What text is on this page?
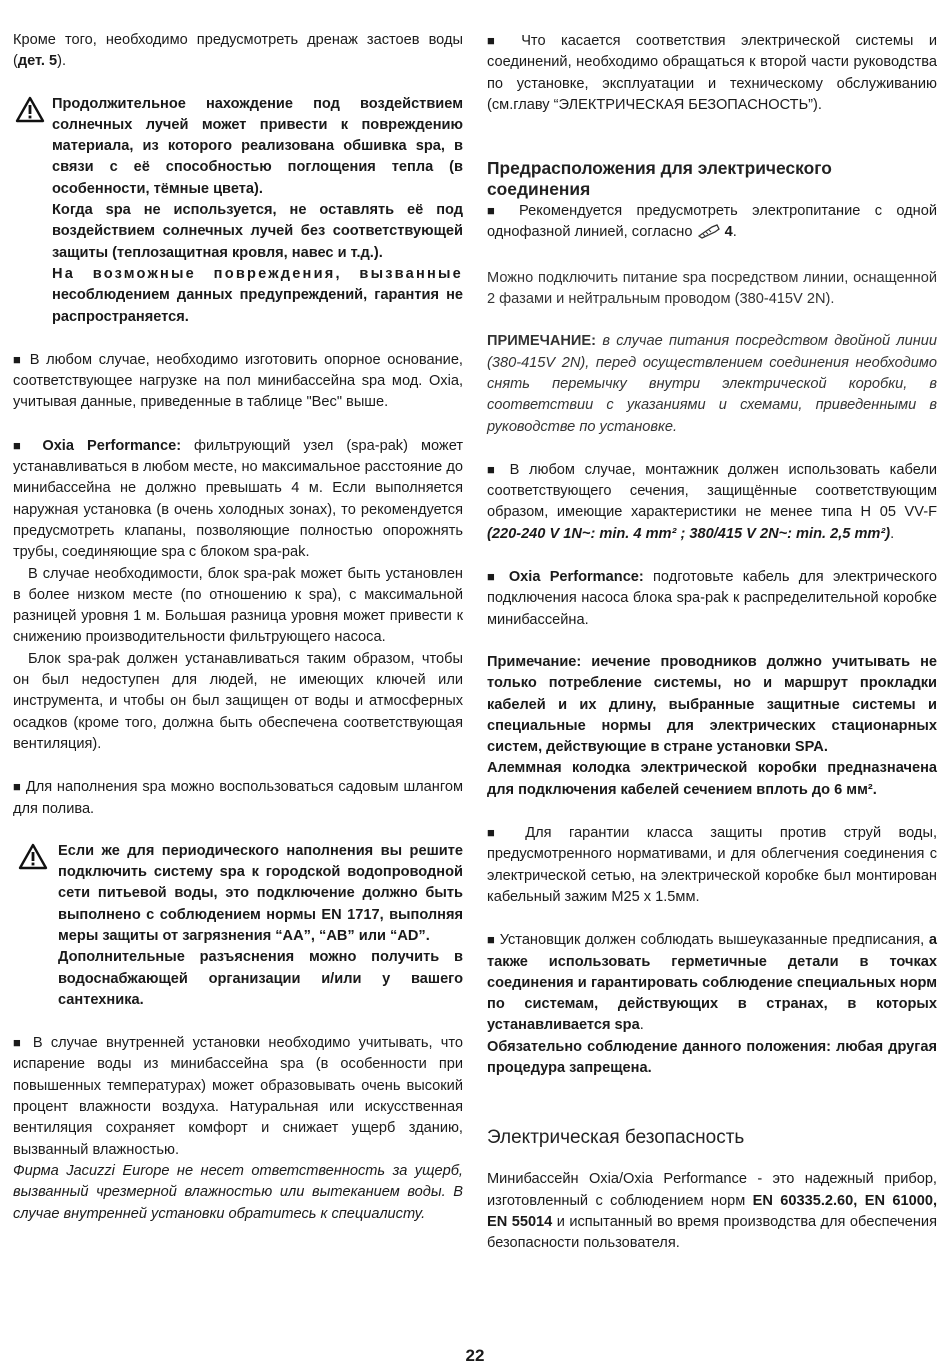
Кроме того, необходимо предусмотреть дренаж застоев воды (дет. 5).

Продолжительное нахождение под воздействием солнечных лучей может привести к повреждению материала, из которого реализована обшивка spa, в связи с её способностью поглощения тепла (в особенности, тёмные цвета).

Когда spa не используется, не оставлять её под воздействием солнечных лучей без соответствующей защиты (теплозащитная кровля, навес и т.д.).

На возможные повреждения, вызванные

несоблюдением данных предупреждений, гарантия не распространяется.

■ В любом случае, необходимо изготовить опорное основание, соответствующее нагрузке на пол минибассейна spa мод. Oxia, учитывая данные, приведенные в таблице "Вес" выше.

■ Oxia Performance: фильтрующий узел (spa-pak) может устанавливаться в любом месте, но максимальное расстояние до минибассейна не должно превышать 4 м. Если выполняется наружная установка (в очень холодных зонах), то рекомендуется предусмотреть клапаны, позволяющие полностью опорожнять трубы, соединяющие spa с блоком spa-pak.

В случае необходимости, блок spa-pak может быть установлен в более низком месте (по отношению к spa), с максимальной разницей уровня 1 м. Большая разница уровня может привести к снижению производительности фильтрующего насоса.

Блок spa-pak должен устанавливаться таким образом, чтобы он был недоступен для людей, не имеющих ключей или инструмента, и чтобы он был защищен от воды и атмосферных осадков (кроме того, должна быть обеспечена соответствующая вентиляция).

■ Для наполнения spa можно воспользоваться садовым шлангом для полива.

Если же для периодического наполнения вы решите подключить систему spa к городской водопроводной сети питьевой воды, это подключение должно быть выполнено с соблюдением нормы EN 1717, выполняя меры защиты от загрязнения “AA”, “AB” или “AD”.

Дополнительные разъяснения можно получить в водоснабжающей организации и/или у вашего сантехника.

■ В случае внутренней установки необходимо учитывать, что испарение воды из минибассейна spa (в особенности при повышенных температурах) может образовывать очень высокий процент влажности воздуха. Натуральная или искусственная вентиляция сохраняет комфорт и снижает ущерб зданию, вызванный влажностью.

Фирма Jacuzzi Europe не несет ответственность за ущерб, вызванный чрезмерной влажностью или вытеканием воды. В случае внутренней установки обратитесь к специалисту.

■ Что касается соответствия электрической системы и соединений, необходимо обращаться к второй части руководства по установке, эксплуатации и техническому обслуживанию (см.главу “ЭЛЕКТРИЧЕСКАЯ БЕЗОПАСНОСТЬ”).

Предрасположения для электрического соединения

■ Рекомендуется предусмотреть электропитание с одной однофазной линией, согласно  4.

Можно подключить питание spa посредством линии, оснащенной 2 фазами и нейтральным проводом (380-415V 2N).

ПРИМЕЧАНИЕ: в случае питания посредством двойной линии (380-415V 2N), перед осуществлением соединения необходимо снять перемычку внутри электрической коробки, в соответствии с указаниями и схемами, приведенными в руководстве по установке.

■ В любом случае, монтажник должен использовать кабели соответствующего сечения, защищённые соответствующим образом, имеющие характеристики не менее типа H 05 VV-F (220-240 V 1N~: min. 4 mm² ; 380/415 V 2N~: min. 2,5 mm²).

■ Oxia Performance: подготовьте кабель для электрического подключения насоса блока spa-pak к распределительной коробке минибассейна.

Примечание: иечение проводников должно учитывать не только потребление системы, но и маршрут прокладки кабелей и их длину, выбранные защитные системы и специальные нормы для электрических стационарных систем, действующие в стране установки SPA.

Алеммная колодка электрической коробки предназначена для подключения кабелей сечением вплоть до 6 мм².

■ Для гарантии класса защиты против струй воды, предусмотренного нормативами, и для облегчения соединения с электрической сетью, на электрической коробке был монтирован кабельный зажим M25 x 1.5мм.

■ Установщик должен соблюдать вышеуказанные предписания, а также использовать герметичные детали в точках соединения и гарантировать соблюдение специальных норм по системам, действующих в странах, в которых устанавливается spa.

Обязательно соблюдение данного положения: любая другая процедура запрещена.

Электрическая безопасность

Минибассейн Oxia/Oxia Performance - это надежный прибор, изготовленный с соблюдением норм EN 60335.2.60, EN 61000, EN 55014 и испытанный во время производства для обеспечения безопасности пользователя.

22
